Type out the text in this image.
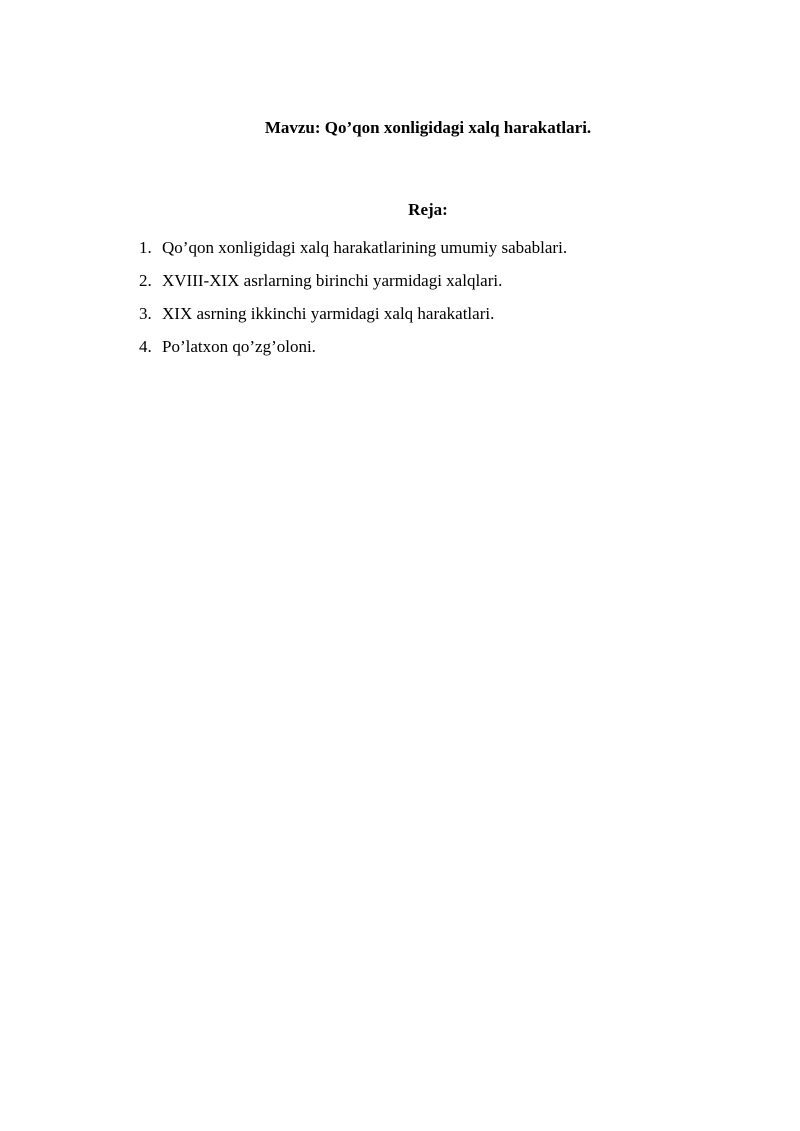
Mavzu: Qo’qon xonligidagi xalq harakatlari.

Reja:

1. Qo’qon xonligidagi xalq harakatlarining umumiy sabablari.
2. XVIII-XIX asrlarning birinchi yarmidagi xalqlari.
3. XIX asrning ikkinchi yarmidagi xalq harakatlari.
4. Po’latxon qo’zg’oloni.
